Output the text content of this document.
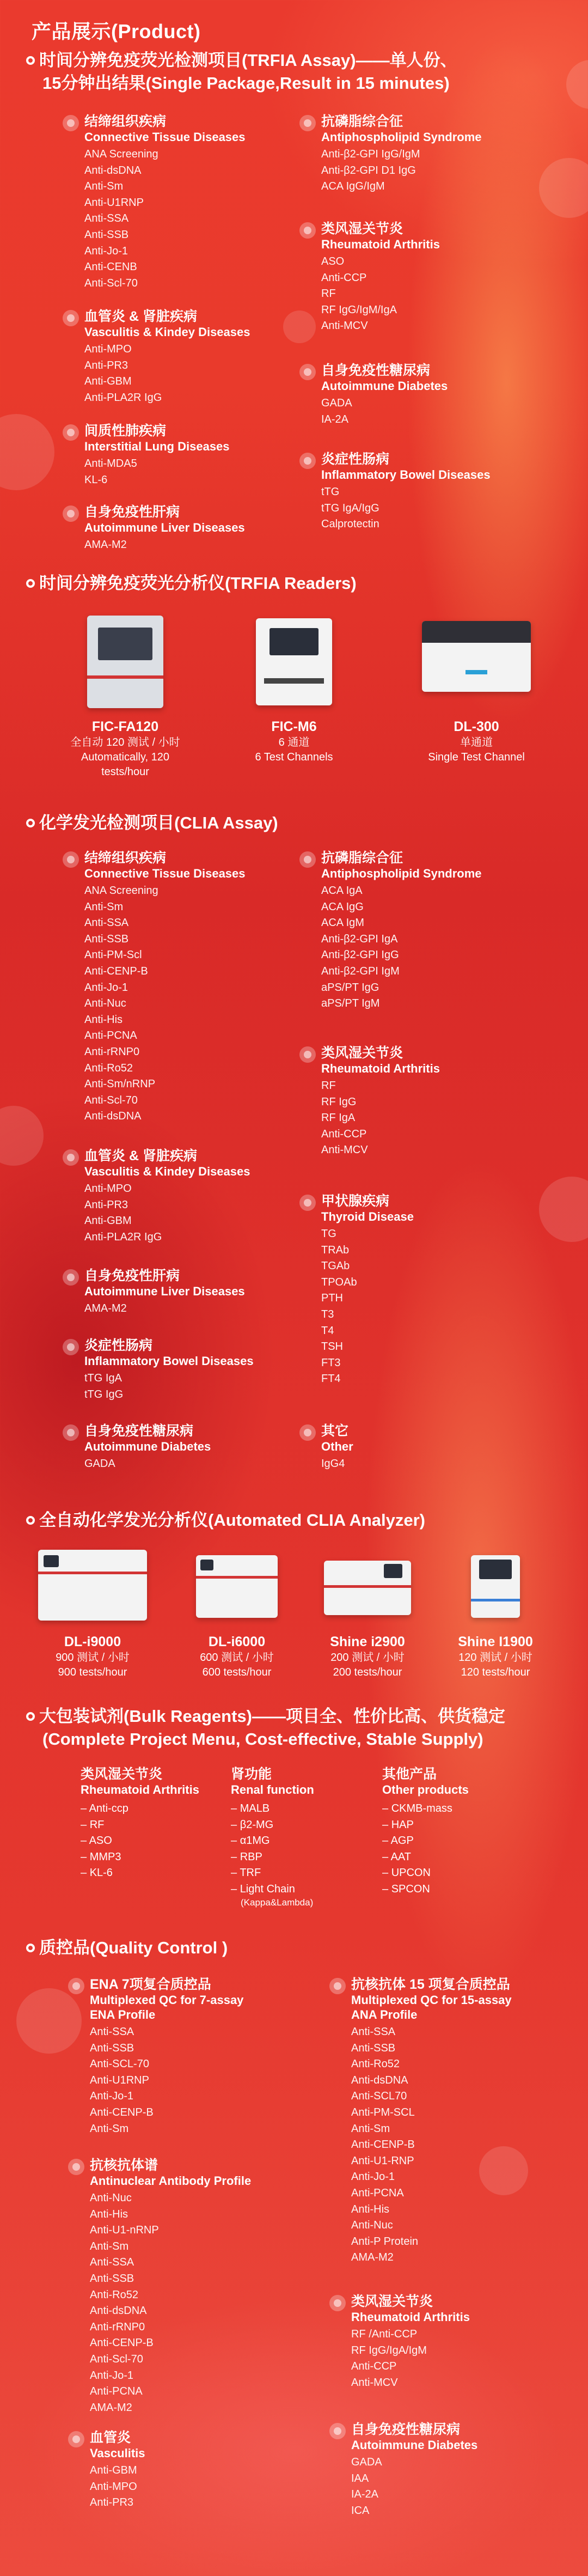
产品展示(Product)
时间分辨免疫荧光检测项目(TRFIA Assay)——单人份、
15分钟出结果(Single Package,Result in 15 minutes)
结缔组织疾病
Connective Tissue Diseases
ANA Screening
Anti-dsDNA
Anti-Sm
Anti-U1RNP
Anti-SSA
Anti-SSB
Anti-Jo-1
Anti-CENB
Anti-Scl-70
血管炎 & 肾脏疾病
Vasculitis & Kindey Diseases
Anti-MPO
Anti-PR3
Anti-GBM
Anti-PLA2R IgG
间质性肺疾病
Interstitial Lung Diseases
Anti-MDA5
KL-6
自身免疫性肝病
Autoimmune Liver Diseases
AMA-M2
抗磷脂综合征
Antiphospholipid Syndrome
Anti-β2-GPI IgG/IgM
Anti-β2-GPI D1 IgG
ACA IgG/IgM
类风湿关节炎
Rheumatoid Arthritis
ASO
Anti-CCP
RF
RF IgG/IgM/IgA
Anti-MCV
自身免疫性糖尿病
Autoimmune Diabetes
GADA
IA-2A
炎症性肠病
Inflammatory Bowel Diseases
tTG
tTG IgA/IgG
Calprotectin
时间分辨免疫荧光分析仪(TRFIA Readers)
FIC-FA120
全自动 120 测试 / 小时
Automatically, 120 tests/hour
FIC-M6
6 通道
6 Test Channels
DL-300
单通道
Single Test Channel
化学发光检测项目(CLIA Assay)
结缔组织疾病
Connective Tissue Diseases
ANA Screening
Anti-Sm
Anti-SSA
Anti-SSB
Anti-PM-Scl
Anti-CENP-B
Anti-Jo-1
Anti-Nuc
Anti-His
Anti-PCNA
Anti-rRNP0
Anti-Ro52
Anti-Sm/nRNP
Anti-Scl-70
Anti-dsDNA
血管炎 & 肾脏疾病
Vasculitis & Kindey Diseases
Anti-MPO
Anti-PR3
Anti-GBM
Anti-PLA2R IgG
自身免疫性肝病
Autoimmune Liver Diseases
AMA-M2
炎症性肠病
Inflammatory Bowel Diseases
tTG IgA
tTG IgG
自身免疫性糖尿病
Autoimmune Diabetes
GADA
抗磷脂综合征
Antiphospholipid Syndrome
ACA IgA
ACA IgG
ACA IgM
Anti-β2-GPI IgA
Anti-β2-GPI IgG
Anti-β2-GPI IgM
aPS/PT IgG
aPS/PT IgM
类风湿关节炎
Rheumatoid Arthritis
RF
RF IgG
RF IgA
Anti-CCP
Anti-MCV
甲状腺疾病
Thyroid Disease
TG
TRAb
TGAb
TPOAb
PTH
T3
T4
TSH
FT3
FT4
其它
Other
IgG4
全自动化学发光分析仪(Automated CLIA Analyzer)
DL-i9000
900 测试 / 小时
900 tests/hour
DL-i6000
600 测试 / 小时
600 tests/hour
Shine i2900
200 测试 / 小时
200 tests/hour
Shine I1900
120 测试 / 小时
120 tests/hour
大包装试剂(Bulk Reagents)——项目全、性价比高、供货稳定
(Complete Project Menu, Cost-effective, Stable Supply)
类风湿关节炎
Rheumatoid Arthritis
– Anti-ccp
– RF
– ASO
– MMP3
– KL-6
肾功能
Renal function
– MALB
– β2-MG
– α1MG
– RBP
– TRF
– Light Chain
(Kappa&Lambda)
其他产品
Other products
– CKMB-mass
– HAP
– AGP
– AAT
– UPCON
– SPCON
质控品(Quality Control )
ENA 7项复合质控品
Multiplexed QC for 7-assay
ENA Profile
Anti-SSA
Anti-SSB
Anti-SCL-70
Anti-U1RNP
Anti-Jo-1
Anti-CENP-B
Anti-Sm
抗核抗体谱
Antinuclear Antibody Profile
Anti-Nuc
Anti-His
Anti-U1-nRNP
Anti-Sm
Anti-SSA
Anti-SSB
Anti-Ro52
Anti-dsDNA
Anti-rRNP0
Anti-CENP-B
Anti-Scl-70
Anti-Jo-1
Anti-PCNA
AMA-M2
血管炎
Vasculitis
Anti-GBM
Anti-MPO
Anti-PR3
抗核抗体 15 项复合质控品
Multiplexed QC for 15-assay
ANA Profile
Anti-SSA
Anti-SSB
Anti-Ro52
Anti-dsDNA
Anti-SCL70
Anti-PM-SCL
Anti-Sm
Anti-CENP-B
Anti-U1-RNP
Anti-Jo-1
Anti-PCNA
Anti-His
Anti-Nuc
Anti-P Protein
AMA-M2
类风湿关节炎
Rheumatoid Arthritis
RF /Anti-CCP
RF IgG/IgA/IgM
Anti-CCP
Anti-MCV
自身免疫性糖尿病
Autoimmune Diabetes
GADA
IAA
IA-2A
ICA
